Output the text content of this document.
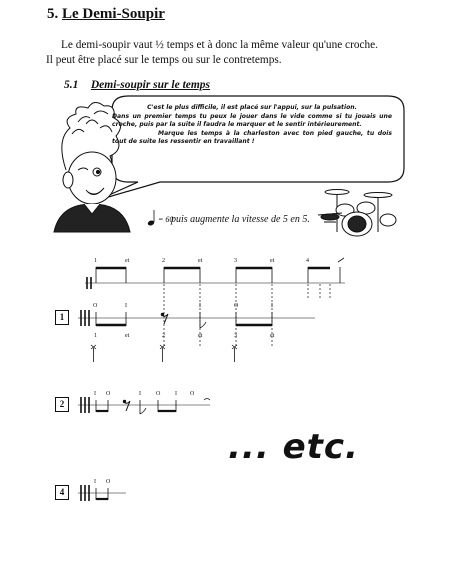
5. Le Demi-Soupir

Le demi-soupir vaut ½ temps et à donc la même valeur qu'une croche.

Il peut être placé sur le temps ou sur le contretemps.

5.1 Demi-soupir sur le temps

C'est le plus difficile, il est placé sur l'appui, sur la pulsation.

Dans un premier temps tu peux le jouer dans le vide comme si tu jouais une croche, puis par la suite il faudra le marquer et le sentir intérieurement.

Marque les temps à la charleston avec ton pied gauche, tu dois tout de suite les ressentir en travaillant !

= 60
puis augmente la vitesse de 5 en 5.
1	et	2	et	3	et	4
1
O	I	I	O	I
1	et	2	et	3	et
2
I O	I	O I O
... etc.
4
I O
